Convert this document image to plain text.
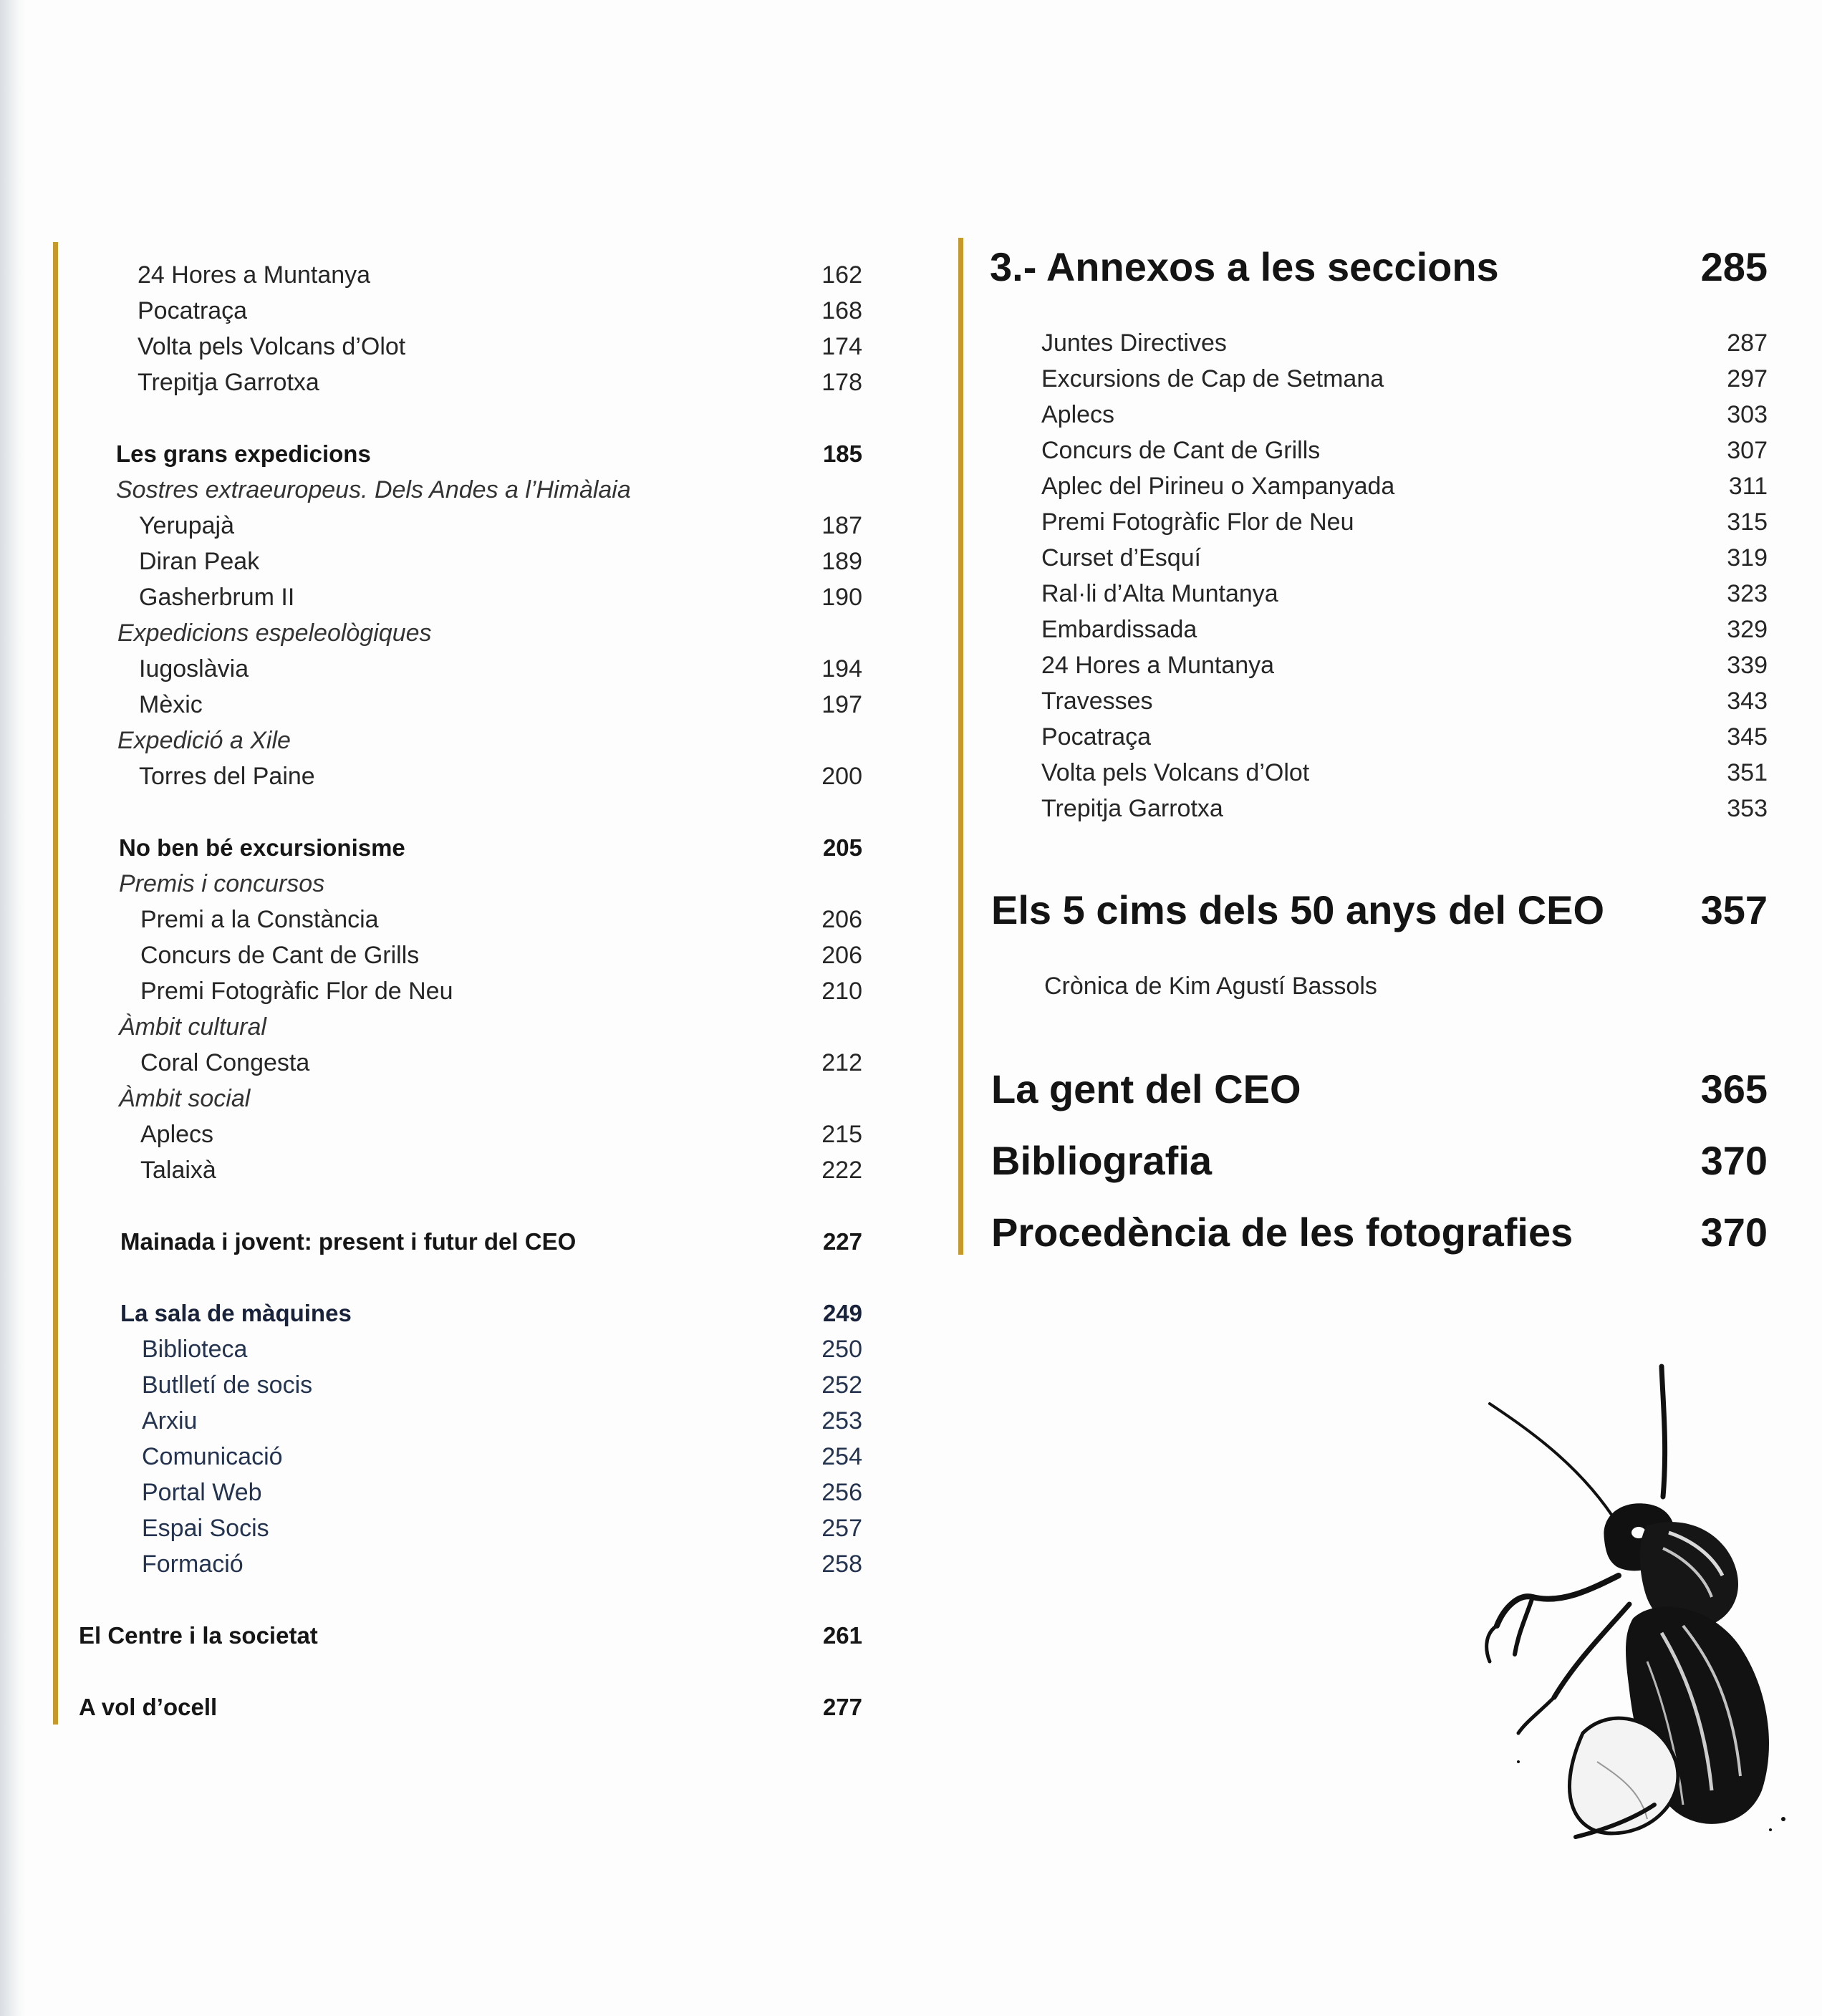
24 Hores a Muntanya	162
Pocatraça	168
Volta pels Volcans d’Olot	174
Trepitja Garrotxa	178
Les grans expedicions	185
Sostres extraeuropeus. Dels Andes a l’Himàlaia
Yerupajà	187
Diran Peak	189
Gasherbrum II	190
Expedicions espeleològiques
Iugoslàvia	194
Mèxic	197
Expedició a Xile
Torres del Paine	200
No ben bé excursionisme	205
Premis i concursos
Premi a la Constància	206
Concurs de Cant de Grills	206
Premi Fotogràfic Flor de Neu	210
Àmbit cultural
Coral Congesta	212
Àmbit social
Aplecs	215
Talaixà	222
Mainada i jovent: present i futur del CEO	227
La sala de màquines	249
Biblioteca	250
Butlletí de socis	252
Arxiu	253
Comunicació	254
Portal Web	256
Espai Socis	257
Formació	258
El Centre i la societat	261
A vol d’ocell	277
3.- Annexos a les seccions	285
Juntes Directives	287
Excursions de Cap de Setmana	297
Aplecs	303
Concurs de Cant de Grills	307
Aplec del Pirineu o Xampanyada	311
Premi Fotogràfic Flor de Neu	315
Curset d’Esquí	319
Ral·li d’Alta Muntanya	323
Embardissada	329
24 Hores a Muntanya	339
Travesses	343
Pocatraça	345
Volta pels Volcans d’Olot	351
Trepitja Garrotxa	353
Els 5 cims dels 50 anys del CEO 357
Crònica de Kim Agustí Bassols
La gent del CEO	365
Bibliografia	370
Procedència de les fotografies	370
